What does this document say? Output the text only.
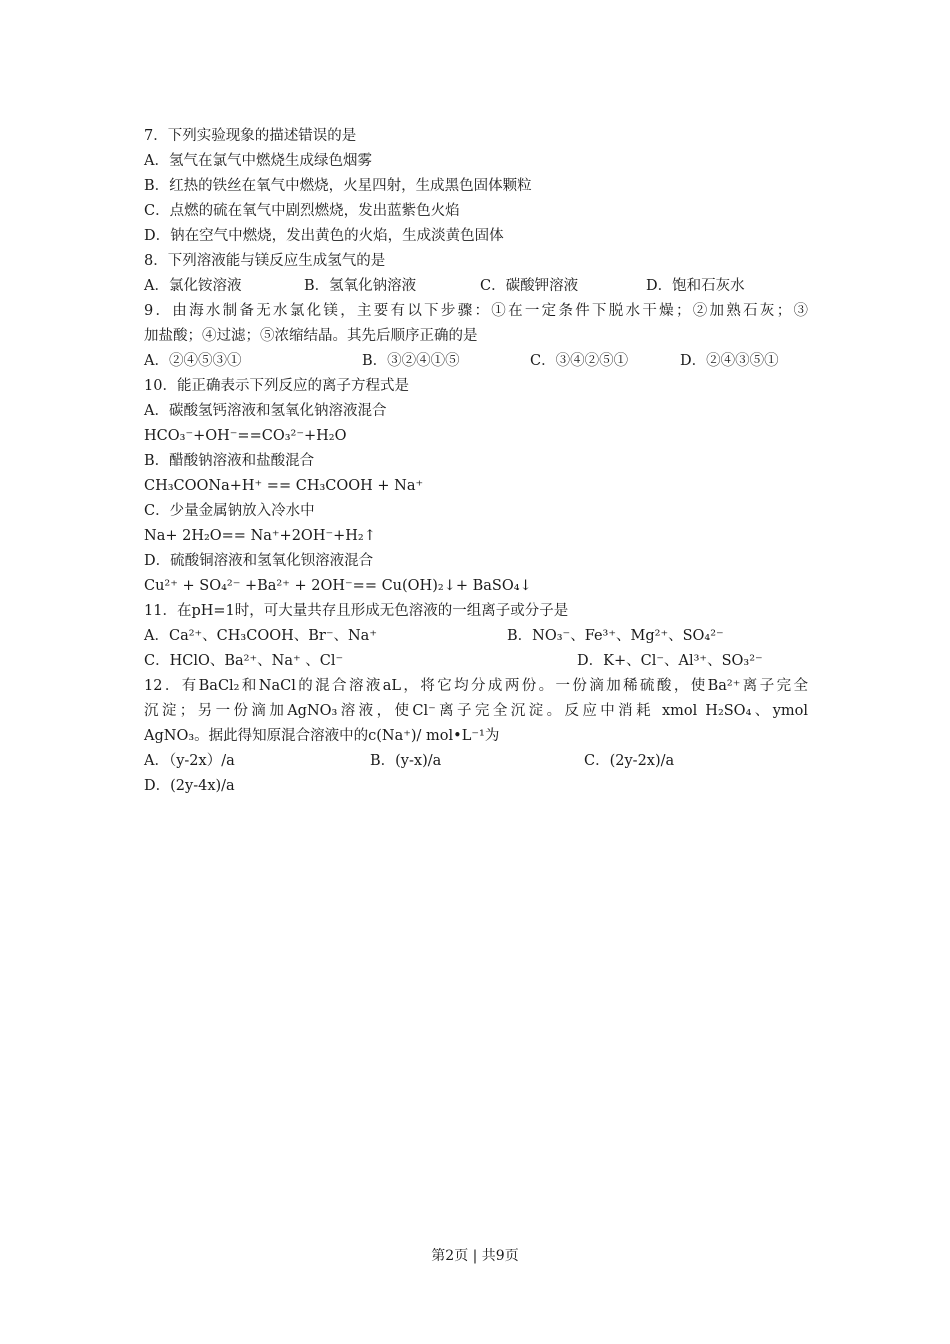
7．下列实验现象的描述错误的是
A．氢气在氯气中燃烧生成绿色烟雾
B．红热的铁丝在氧气中燃烧，火星四射，生成黑色固体颗粒
C．点燃的硫在氧气中剧烈燃烧，发出蓝紫色火焰
D．钠在空气中燃烧，发出黄色的火焰，生成淡黄色固体
8．下列溶液能与镁反应生成氢气的是
A．氯化铵溶液	B．氢氧化钠溶液	C．碳酸钾溶液	D．饱和石灰水
9．由海水制备无水氯化镁，主要有以下步骤：①在一定条件下脱水干燥；②加熟石灰；③
加盐酸；④过滤；⑤浓缩结晶。其先后顺序正确的是
A．②④⑤③①	B．③②④①⑤	C．③④②⑤①	D．②④③⑤①
10．能正确表示下列反应的离子方程式是
A．碳酸氢钙溶液和氢氧化钠溶液混合
HCO₃⁻+OH⁻==CO₃²⁻+H₂O
B．醋酸钠溶液和盐酸混合
CH₃COONa+H⁺ == CH₃COOH + Na⁺
C．少量金属钠放入冷水中
Na+ 2H₂O== Na⁺+2OH⁻+H₂↑
D．硫酸铜溶液和氢氧化钡溶液混合
Cu²⁺ + SO₄²⁻ +Ba²⁺ + 2OH⁻== Cu(OH)₂↓+ BaSO₄↓
11．在pH=1时，可大量共存且形成无色溶液的一组离子或分子是
A．Ca²⁺、CH₃COOH、Br⁻、Na⁺	B．NO₃⁻、Fe³⁺、Mg²⁺、SO₄²⁻
C．HClO、Ba²⁺、Na⁺ 、Cl⁻	D．K+、Cl⁻、Al³⁺、SO₃²⁻
12．有BaCl₂和NaCl的混合溶液aL，将它均分成两份。一份滴加稀硫酸，使Ba²⁺离子完全
沉淀；另一份滴加AgNO₃溶液，使Cl⁻离子完全沉淀。反应中消耗 xmol H₂SO₄、ymol
AgNO₃。据此得知原混合溶液中的c(Na⁺)/ mol•L⁻¹为
A．（y-2x）/a	B．(y-x)/a	C．(2y-2x)/a
D．(2y-4x)/a
第2页 | 共9页
